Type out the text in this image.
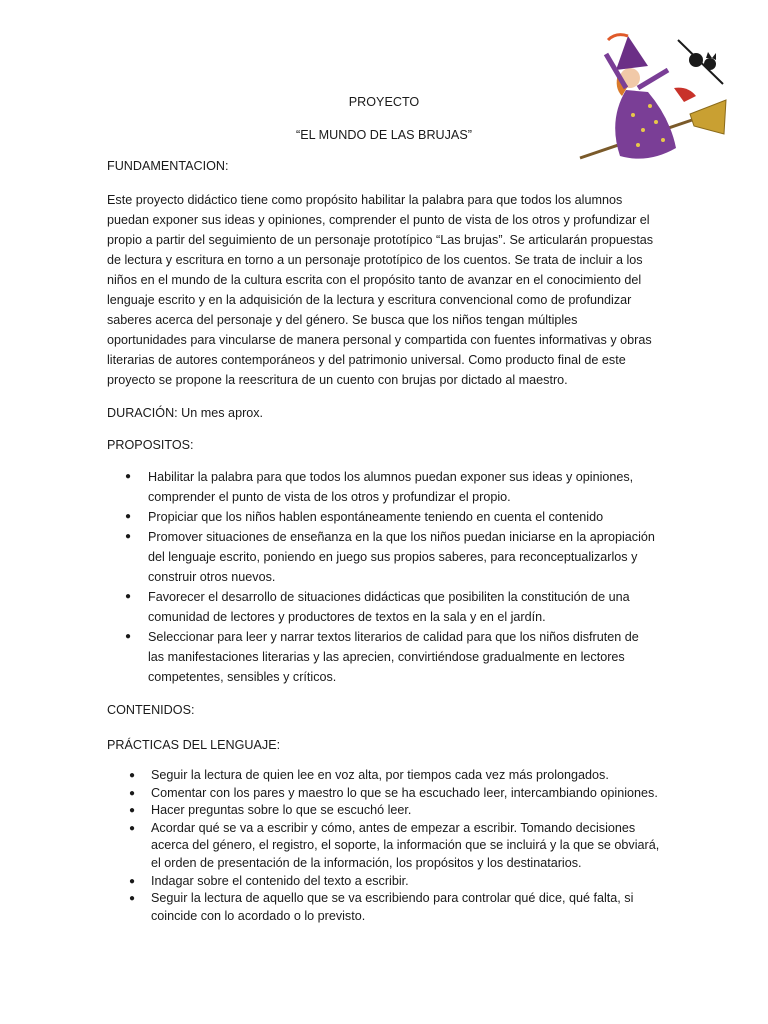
PROYECTO
“EL MUNDO DE LAS BRUJAS”
FUNDAMENTACION:

Este proyecto didáctico tiene como propósito habilitar la palabra para que todos los alumnos puedan exponer sus ideas y opiniones, comprender el punto de vista de los otros y profundizar el propio a partir del seguimiento de un personaje prototípico “Las brujas”. Se articularán propuestas de lectura y escritura en torno a un personaje prototípico de los cuentos. Se trata de incluir a los niños en el mundo de la cultura escrita con el propósito tanto de avanzar en el conocimiento del lenguaje escrito y en la adquisición de la lectura y escritura convencional como de profundizar saberes acerca del personaje y del género. Se busca que los niños tengan múltiples oportunidades para vincularse de manera personal y compartida con fuentes informativas y obras literarias de autores contemporáneos y del patrimonio universal. Como producto final de este proyecto se propone la reescritura de un cuento con brujas por dictado al maestro.

DURACIÓN: Un mes aprox.
PROPOSITOS:
● Habilitar la palabra para que todos los alumnos puedan exponer sus ideas y opiniones, comprender el punto de vista de los otros y profundizar el propio.
● Propiciar que los niños hablen espontáneamente teniendo en cuenta el contenido
● Promover situaciones de enseñanza en la que los niños puedan iniciarse en la apropiación del lenguaje escrito, poniendo en juego sus propios saberes, para reconceptualizarlos y construir otros nuevos.
● Favorecer el desarrollo de situaciones didácticas que posibiliten la constitución de una comunidad de lectores y productores de textos en la sala y en el jardín.
● Seleccionar para leer y narrar textos literarios de calidad para que los niños disfruten de las manifestaciones literarias y las aprecien, convirtiéndose gradualmente en lectores competentes, sensibles y críticos.
CONTENIDOS:
PRÁCTICAS DEL LENGUAJE:
● Seguir la lectura de quien lee en voz alta, por tiempos cada vez más prolongados.
● Comentar con los pares y maestro lo que se ha escuchado leer, intercambiando opiniones.
● Hacer preguntas sobre lo que se escuchó leer.
● Acordar qué se va a escribir y cómo, antes de empezar a escribir. Tomando decisiones acerca del género, el registro, el soporte, la información que se incluirá y la que se obviará, el orden de presentación de la información, los propósitos y los destinatarios.
● Indagar sobre el contenido del texto a escribir.
● Seguir la lectura de aquello que se va escribiendo para controlar qué dice, qué falta, si coincide con lo acordado o lo previsto.
